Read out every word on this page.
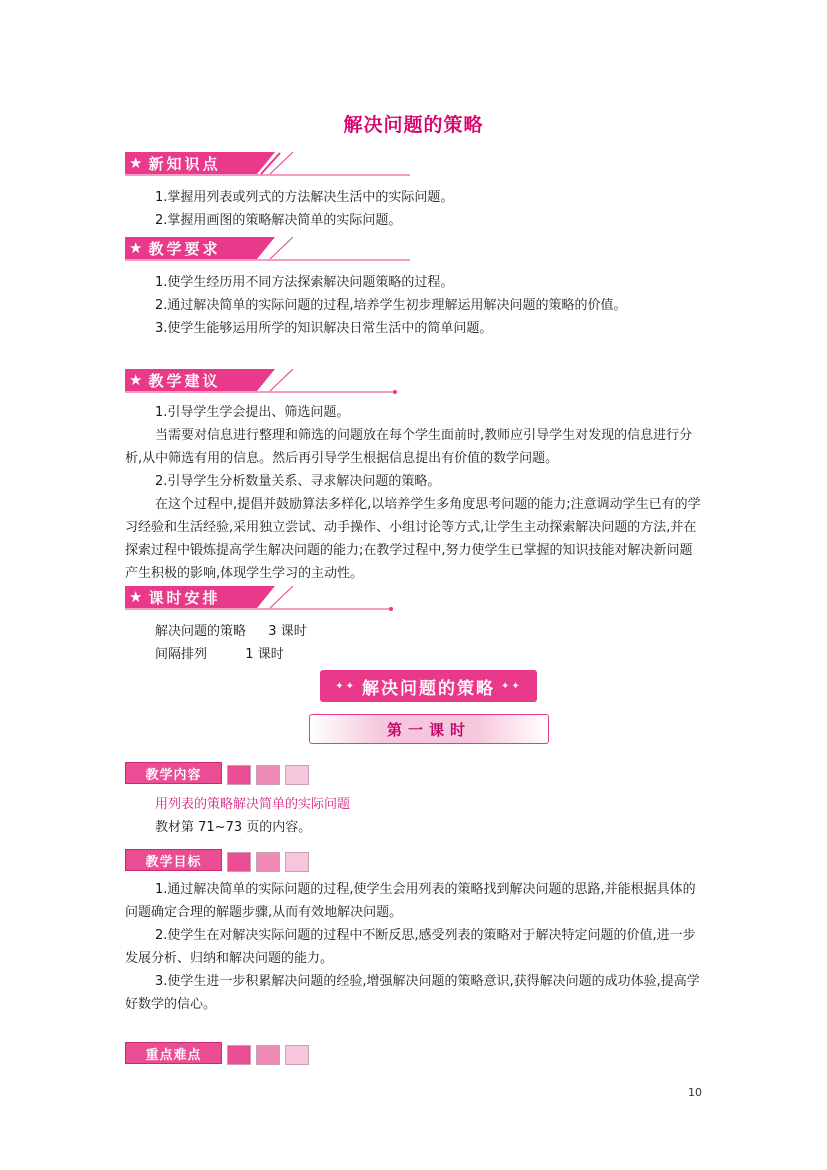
解决问题的策略
★ 新知识点
1.掌握用列表或列式的方法解决生活中的实际问题。
2.掌握用画图的策略解决简单的实际问题。
★ 教学要求
1.使学生经历用不同方法探索解决问题策略的过程。
2.通过解决简单的实际问题的过程,培养学生初步理解运用解决问题的策略的价值。
3.使学生能够运用所学的知识解决日常生活中的简单问题。
★ 教学建议
1.引导学生学会提出、筛选问题。

当需要对信息进行整理和筛选的问题放在每个学生面前时,教师应引导学生对发现的信息进行分析,从中筛选有用的信息。然后再引导学生根据信息提出有价值的数学问题。

2.引导学生分析数量关系、寻求解决问题的策略。

在这个过程中,提倡并鼓励算法多样化,以培养学生多角度思考问题的能力;注意调动学生已有的学习经验和生活经验,采用独立尝试、动手操作、小组讨论等方式,让学生主动探索解决问题的方法,并在探索过程中锻炼提高学生解决问题的能力;在教学过程中,努力使学生已掌握的知识技能对解决新问题产生积极的影响,体现学生学习的主动性。

★ 课时安排
解决问题的策略 3 课时
间隔排列	1 课时
✦✦ 解决问题的策略 ✦✦
第一课时
教学内容
用列表的策略解决简单的实际问题
教材第 71~73 页的内容。
教学目标

1.通过解决简单的实际问题的过程,使学生会用列表的策略找到解决问题的思路,并能根据具体的问题确定合理的解题步骤,从而有效地解决问题。

2.使学生在对解决实际问题的过程中不断反思,感受列表的策略对于解决特定问题的价值,进一步发展分析、归纳和解决问题的能力。

3.使学生进一步积累解决问题的经验,增强解决问题的策略意识,获得解决问题的成功体验,提高学好数学的信心。

重点难点
10
